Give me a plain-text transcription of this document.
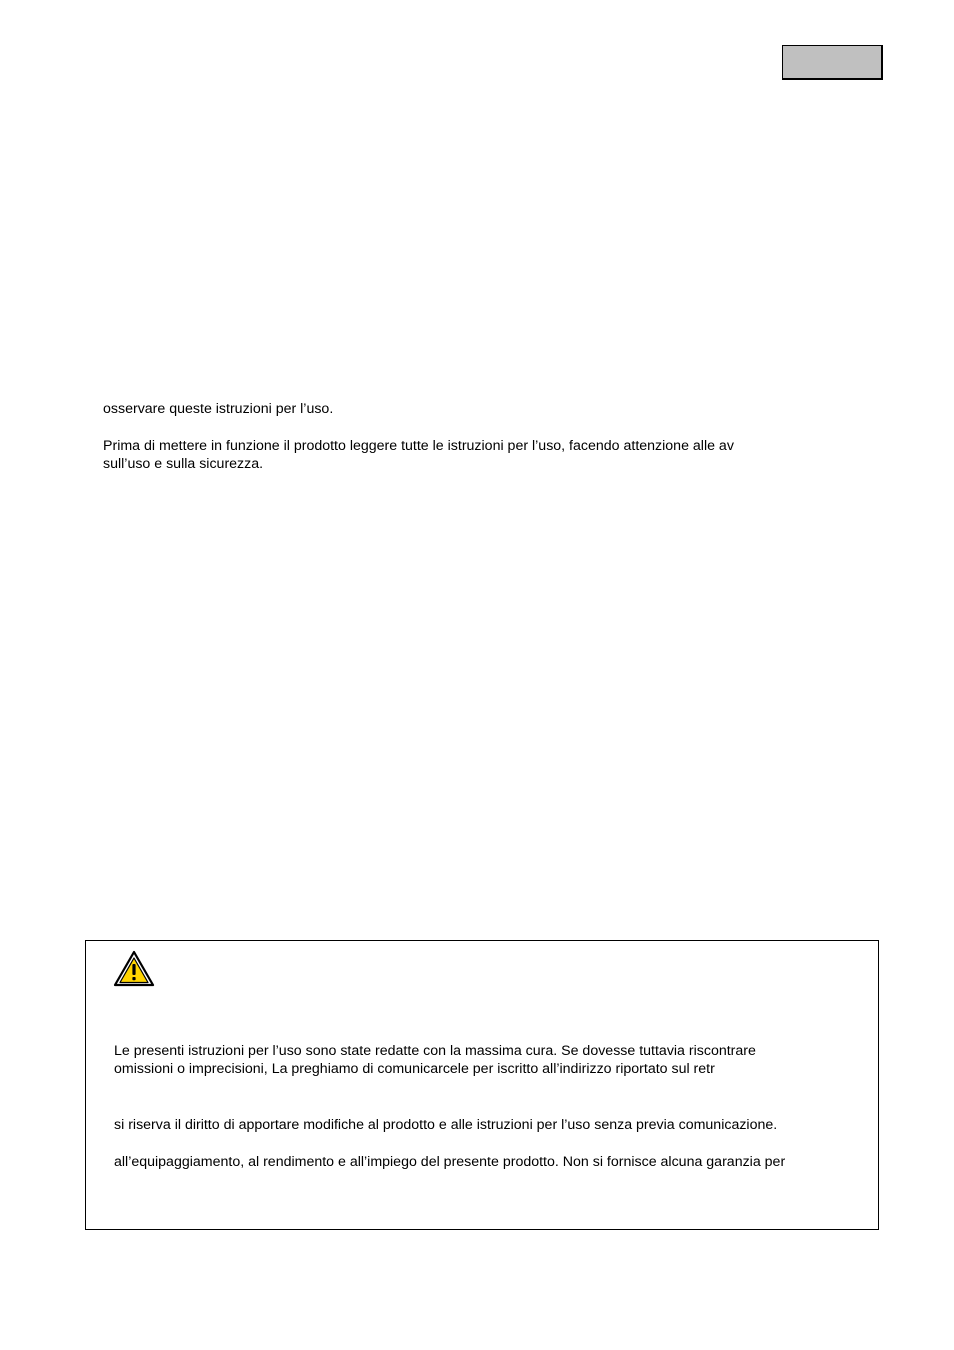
osservare queste istruzioni per l’uso.

Prima di mettere in funzione il prodotto leggere tutte le istruzioni per l’uso, facendo attenzione alle av

sull’uso e sulla sicurezza.

Le presenti istruzioni per l’uso sono state redatte con la massima cura. Se dovesse tuttavia riscontrare
omissioni o imprecisioni, La preghiamo di comunicarcele per iscritto all’indirizzo riportato sul retr
si riserva il diritto di apportare modifiche al prodotto e alle istruzioni per l’uso senza previa comunicazione.
all’equipaggiamento, al rendimento e all’impiego del presente prodotto. Non si fornisce alcuna garanzia per
